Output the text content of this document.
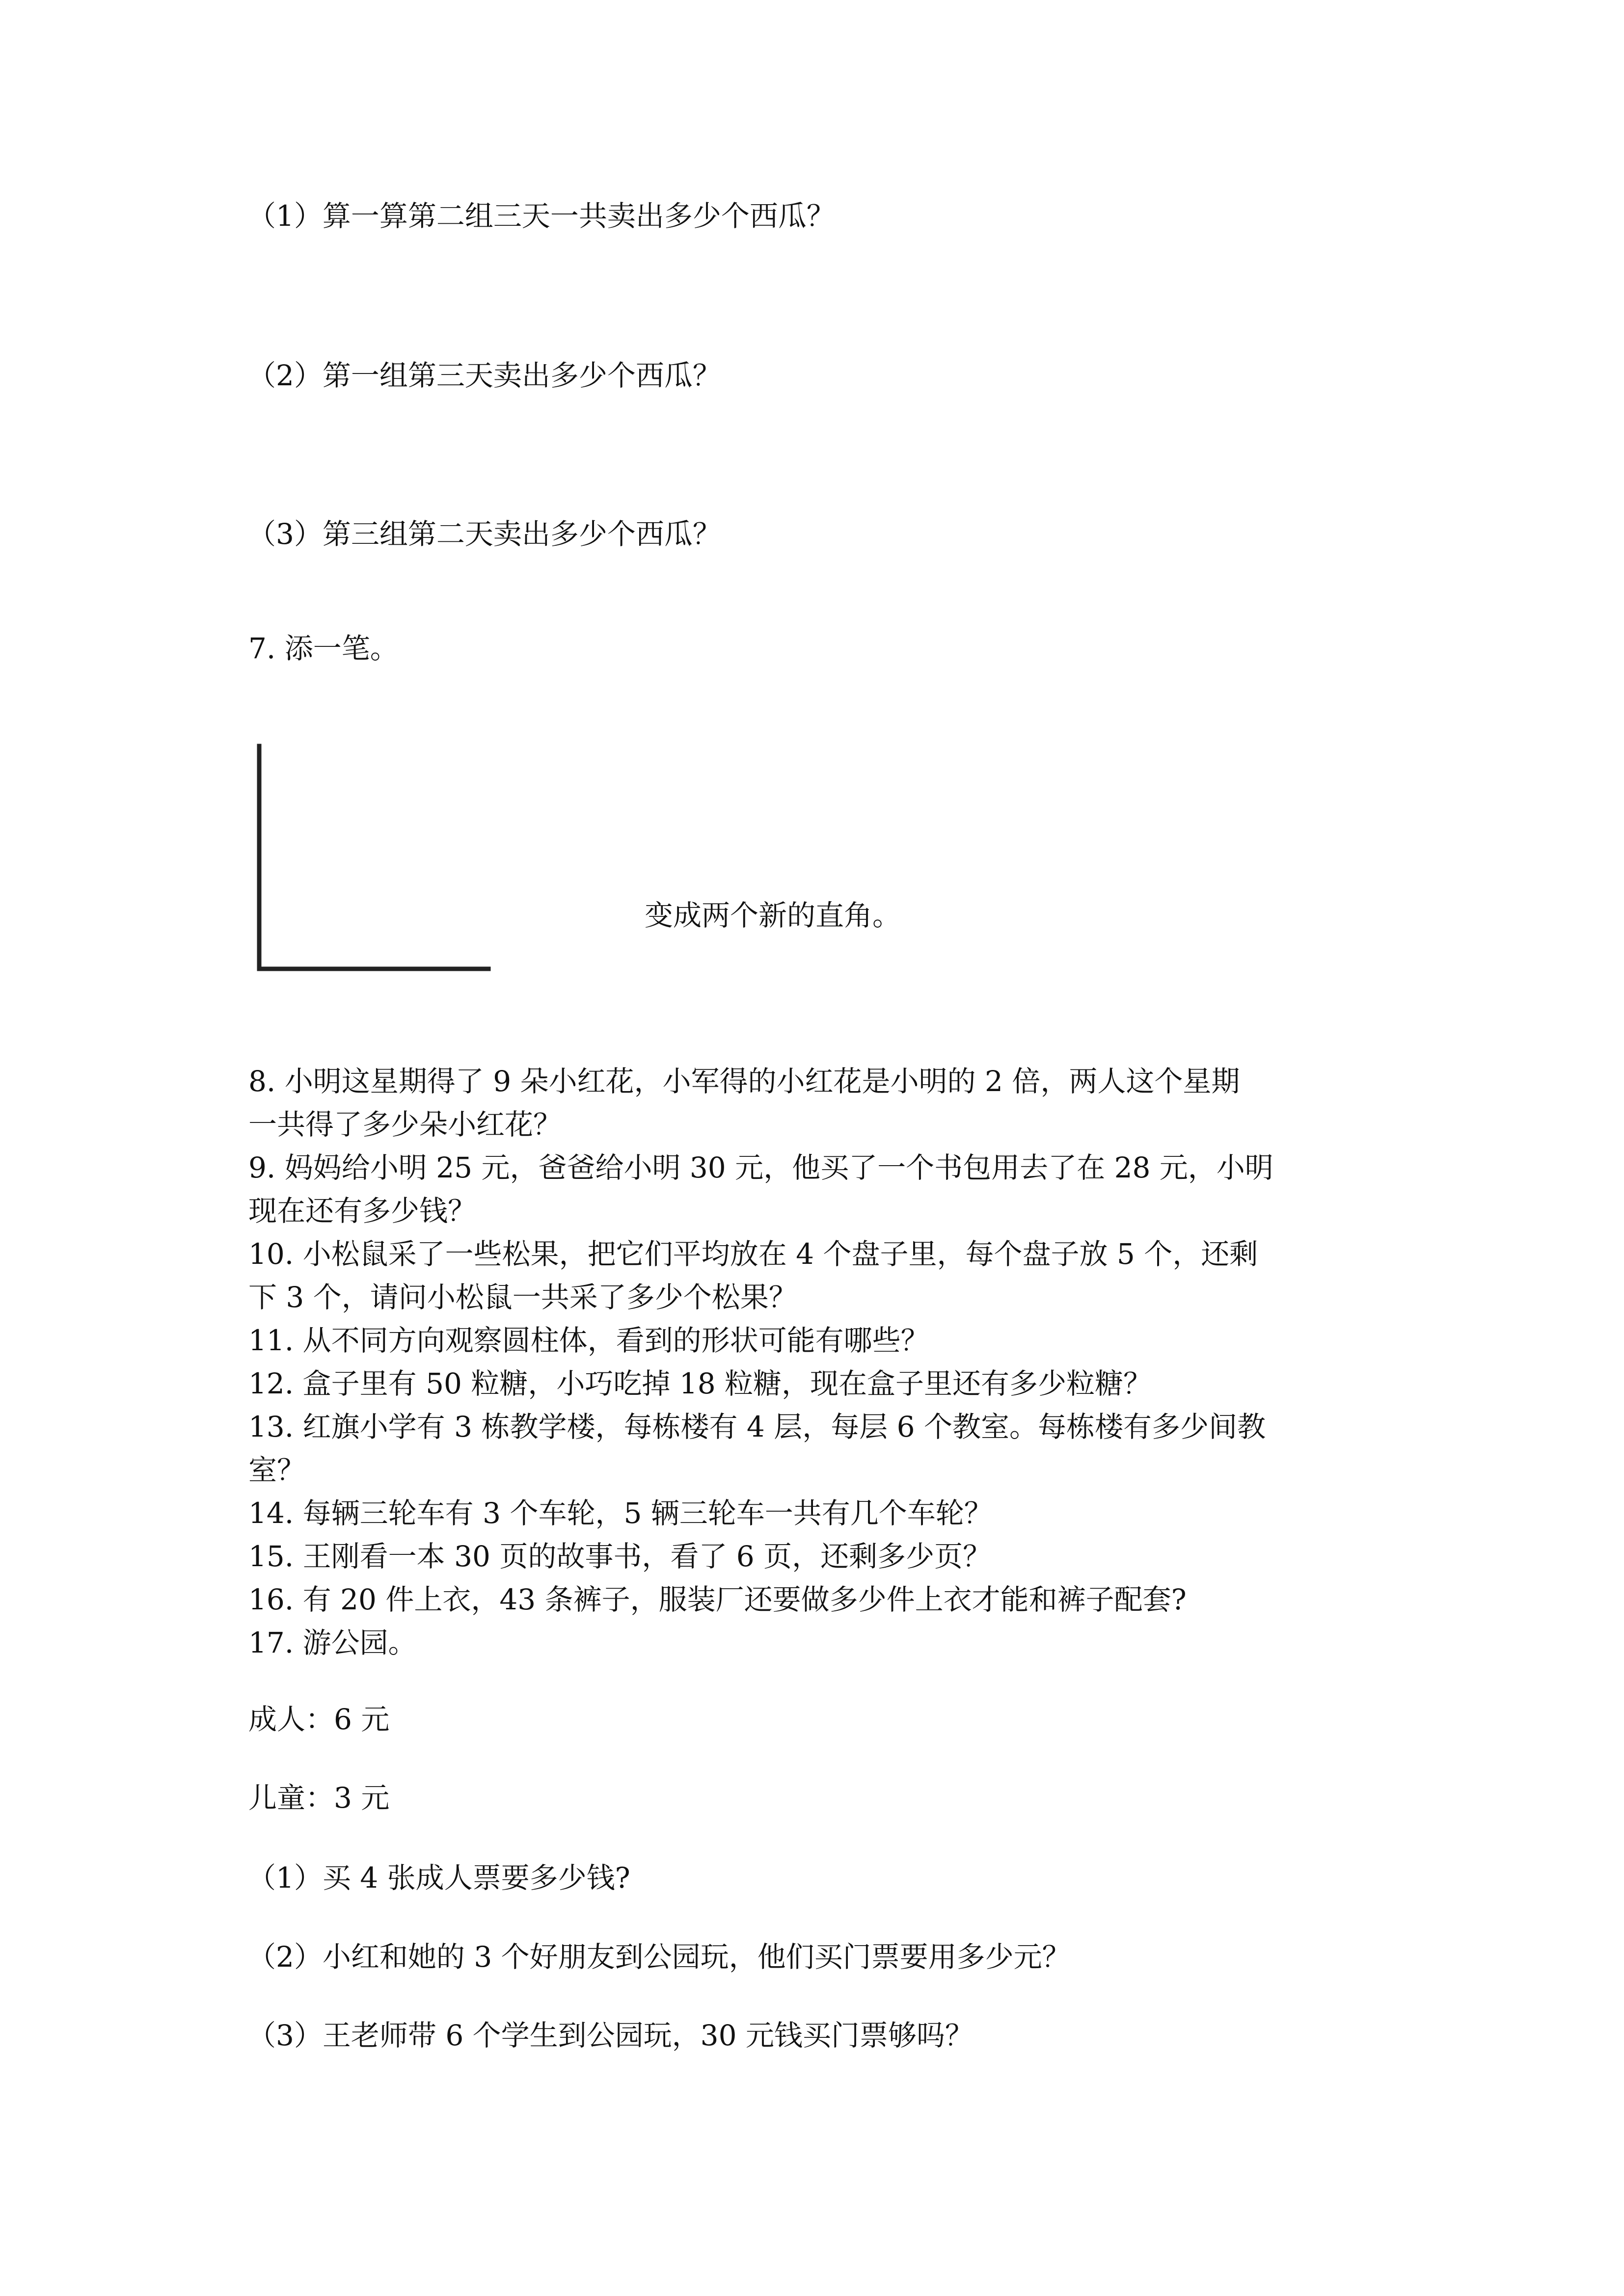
（1）算一算第二组三天一共卖出多少个西瓜？
（2）第一组第三天卖出多少个西瓜？
（3）第三组第二天卖出多少个西瓜？
7. 添一笔。
变成两个新的直角。
8. 小明这星期得了 9 朵小红花，小军得的小红花是小明的 2 倍，两人这个星期
一共得了多少朵小红花？
9. 妈妈给小明 25 元，爸爸给小明 30 元，他买了一个书包用去了在 28 元，小明
现在还有多少钱？
10. 小松鼠采了一些松果，把它们平均放在 4 个盘子里，每个盘子放 5 个，还剩
下 3 个，请问小松鼠一共采了多少个松果？
11. 从不同方向观察圆柱体，看到的形状可能有哪些？
12. 盒子里有 50 粒糖，小巧吃掉 18 粒糖，现在盒子里还有多少粒糖？
13. 红旗小学有 3 栋教学楼，每栋楼有 4 层，每层 6 个教室。每栋楼有多少间教
室？
14. 每辆三轮车有 3 个车轮，5 辆三轮车一共有几个车轮？
15. 王刚看一本 30 页的故事书，看了 6 页，还剩多少页？
16. 有 20 件上衣，43 条裤子，服装厂还要做多少件上衣才能和裤子配套?
17. 游公园。
成人：6 元
儿童：3 元
（1）买 4 张成人票要多少钱?
（2）小红和她的 3 个好朋友到公园玩，他们买门票要用多少元？
（3）王老师带 6 个学生到公园玩，30 元钱买门票够吗？
